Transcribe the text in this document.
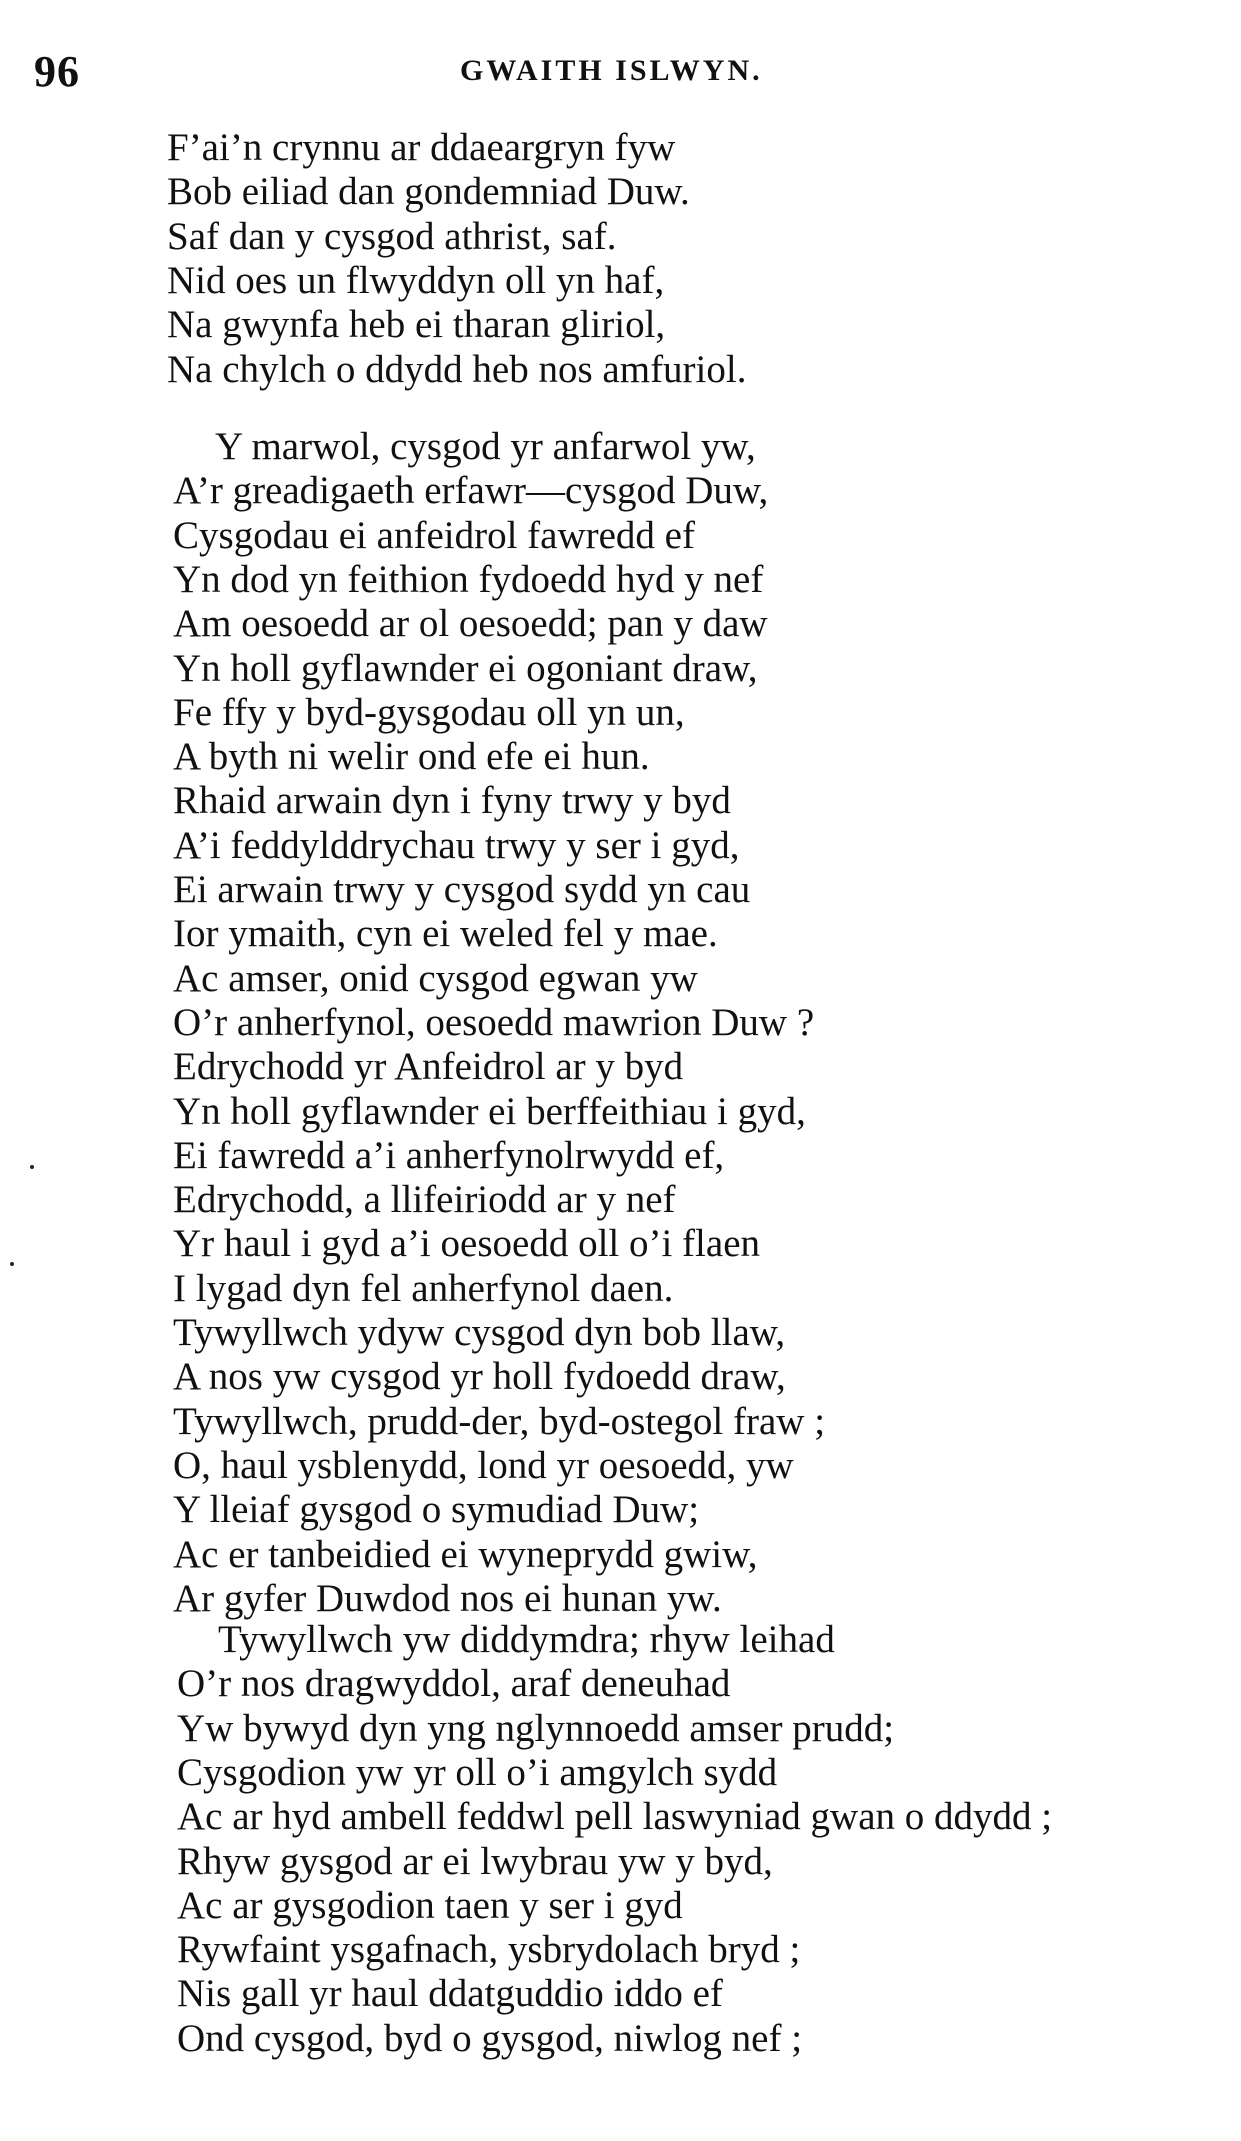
96	GWAITH ISLWYN.
F’ai’n crynnu ar ddaeargryn fyw
Bob eiliad dan gondemniad Duw.
Saf dan y cysgod athrist, saf.
Nid oes un flwyddyn oll yn haf,
Na gwynfa heb ei tharan gliriol,
Na chylch o ddydd heb nos amfuriol.
Y marwol, cysgod yr anfarwol yw,
A’r greadigaeth erfawr—cysgod Duw,
Cysgodau ei anfeidrol fawredd ef
Yn dod yn feithion fydoedd hyd y nef
Am oesoedd ar ol oesoedd; pan y daw
Yn holl gyflawnder ei ogoniant draw,
Fe ffy y byd-gysgodau oll yn un,
A byth ni welir ond efe ei hun.
Rhaid arwain dyn i fyny trwy y byd
A’i feddylddrychau trwy y ser i gyd,
Ei arwain trwy y cysgod sydd yn cau
Ior ymaith, cyn ei weled fel y mae.
Ac amser, onid cysgod egwan yw
O’r anherfynol, oesoedd mawrion Duw ?
Edrychodd yr Anfeidrol ar y byd
Yn holl gyflawnder ei berffeithiau i gyd,
Ei fawredd a’i anherfynolrwydd ef,
Edrychodd, a llifeiriodd ar y nef
Yr haul i gyd a’i oesoedd oll o’i flaen
I lygad dyn fel anherfynol daen.
Tywyllwch ydyw cysgod dyn bob llaw,
A nos yw cysgod yr holl fydoedd draw,
Tywyllwch, prudd-der, byd-ostegol fraw ;
O, haul ysblenydd, lond yr oesoedd, yw
Y lleiaf gysgod o symudiad Duw;
Ac er tanbeidied ei wyneprydd gwiw,
Ar gyfer Duwdod nos ei hunan yw.
Tywyllwch yw diddymdra; rhyw leihad
O’r nos dragwyddol, araf deneuhad
Yw bywyd dyn yng nglynnoedd amser prudd;
Cysgodion yw yr oll o’i amgylch sydd
Ac ar hyd ambell feddwl pell laswyniad gwan o ddydd ;
Rhyw gysgod ar ei lwybrau yw y byd,
Ac ar gysgodion taen y ser i gyd
Rywfaint ysgafnach, ysbrydolach bryd ;
Nis gall yr haul ddatguddio iddo ef
Ond cysgod, byd o gysgod, niwlog nef ;
